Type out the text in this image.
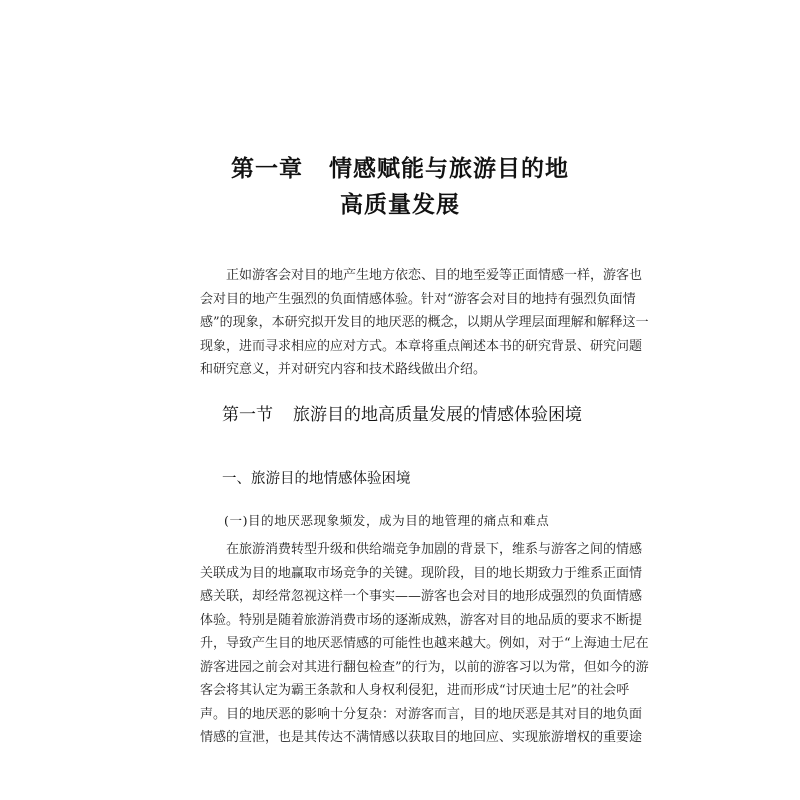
第一章 情感赋能与旅游目的地
高质量发展
正如游客会对目的地产生地方依恋、目的地至爱等正面情感一样，游客也
会对目的地产生强烈的负面情感体验。针对“游客会对目的地持有强烈负面情
感”的现象，本研究拟开发目的地厌恶的概念，以期从学理层面理解和解释这一
现象，进而寻求相应的应对方式。本章将重点阐述本书的研究背景、研究问题
和研究意义，并对研究内容和技术路线做出介绍。
第一节 旅游目的地高质量发展的情感体验困境
一、旅游目的地情感体验困境
(一)目的地厌恶现象频发，成为目的地管理的痛点和难点
在旅游消费转型升级和供给端竞争加剧的背景下，维系与游客之间的情感
关联成为目的地赢取市场竞争的关键。现阶段，目的地长期致力于维系正面情
感关联，却经常忽视这样一个事实——游客也会对目的地形成强烈的负面情感
体验。特别是随着旅游消费市场的逐渐成熟，游客对目的地品质的要求不断提
升，导致产生目的地厌恶情感的可能性也越来越大。例如，对于“上海迪士尼在
游客进园之前会对其进行翻包检查”的行为，以前的游客习以为常，但如今的游
客会将其认定为霸王条款和人身权利侵犯，进而形成“讨厌迪士尼”的社会呼
声。目的地厌恶的影响十分复杂：对游客而言，目的地厌恶是其对目的地负面
情感的宣泄，也是其传达不满情感以获取目的地回应、实现旅游增权的重要途
